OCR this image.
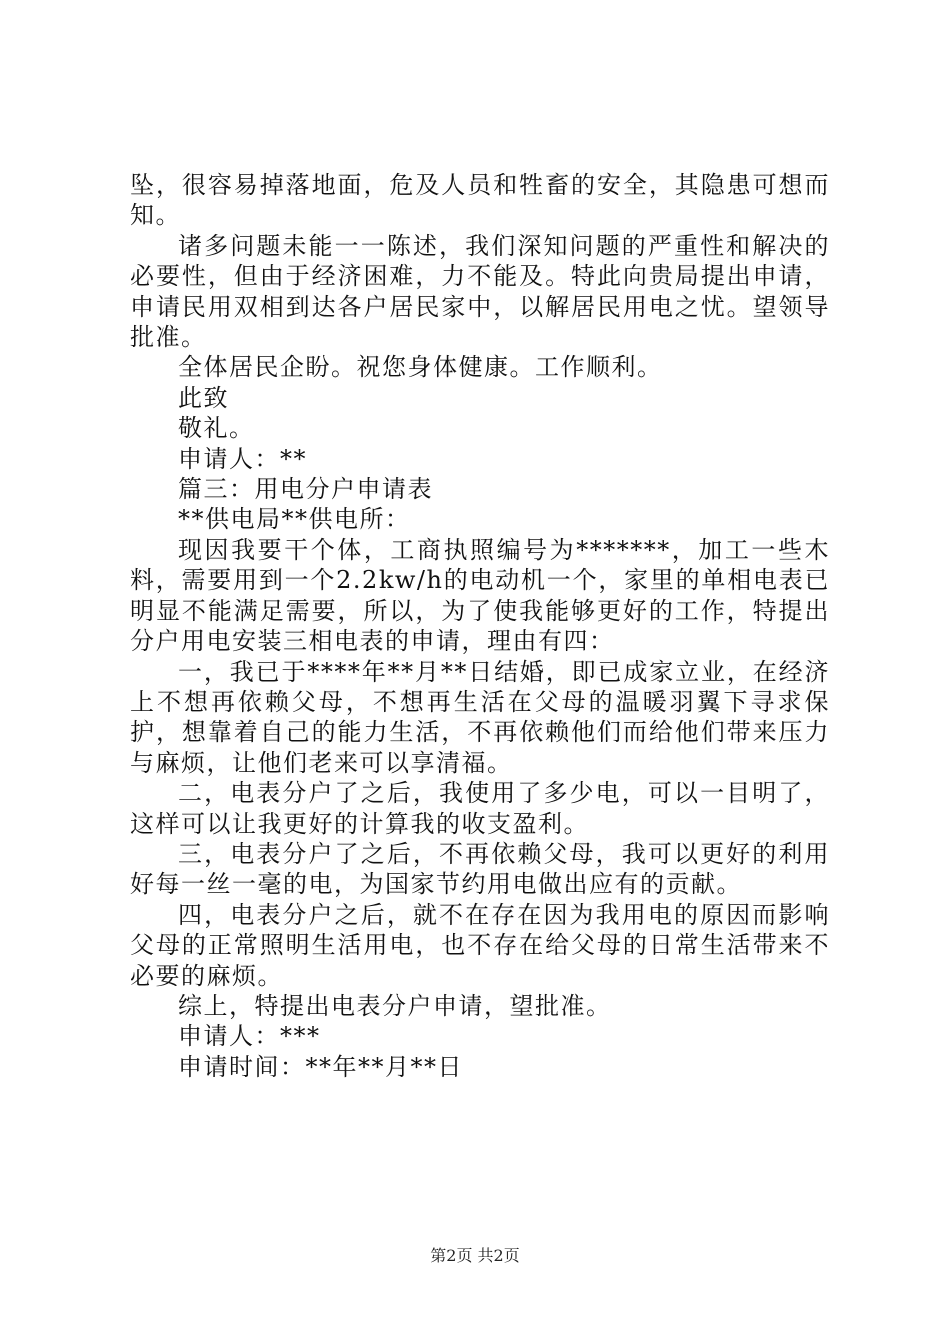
坠，很容易掉落地面，危及人员和牲畜的安全，其隐患可想而知。

诸多问题未能一一陈述，我们深知问题的严重性和解决的必要性，但由于经济困难，力不能及。特此向贵局提出申请，申请民用双相到达各户居民家中，以解居民用电之忧。望领导批准。

全体居民企盼。祝您身体健康。工作顺利。

此致

敬礼。

申请人：**

篇三：用电分户申请表

**供电局**供电所：

现因我要干个体，工商执照编号为*******，加工一些木料，需要用到一个2.2kw/h的电动机一个，家里的单相电表已明显不能满足需要，所以，为了使我能够更好的工作，特提出分户用电安装三相电表的申请，理由有四：

一，我已于****年**月**日结婚，即已成家立业，在经济上不想再依赖父母，不想再生活在父母的温暖羽翼下寻求保护，想靠着自己的能力生活，不再依赖他们而给他们带来压力与麻烦，让他们老来可以享清福。

二，电表分户了之后，我使用了多少电，可以一目明了，这样可以让我更好的计算我的收支盈利。

三，电表分户了之后，不再依赖父母，我可以更好的利用好每一丝一毫的电，为国家节约用电做出应有的贡献。

四，电表分户之后，就不在存在因为我用电的原因而影响父母的正常照明生活用电，也不存在给父母的日常生活带来不必要的麻烦。

综上，特提出电表分户申请，望批准。

申请人：***

申请时间：**年**月**日

第2页 共2页
